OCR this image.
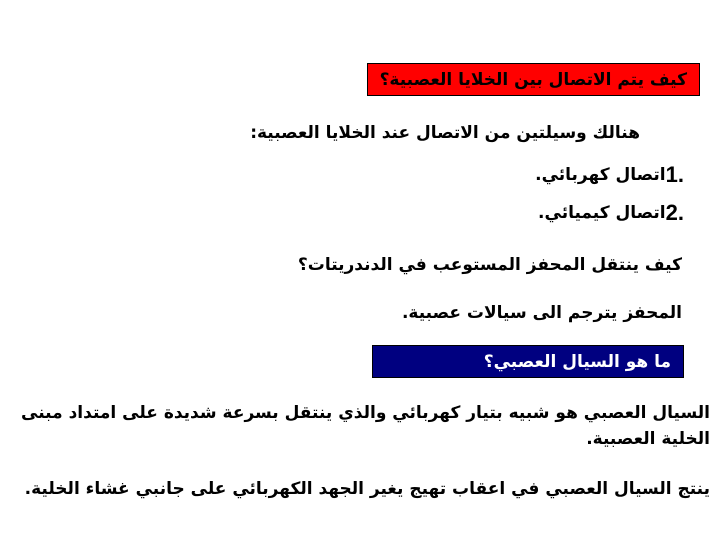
كيف يتم الاتصال بين الخلايا العصبية؟
هنالك وسيلتين من الاتصال عند الخلايا العصبية:
1.
اتصال كهربائي.
2.
اتصال كيميائي.
كيف ينتقل المحفز المستوعب في الدندريتات؟
المحفز يترجم الى سيالات عصبية.
ما هو السيال العصبي؟
السيال العصبي هو شبيه بتيار كهربائي والذي ينتقل بسرعة شديدة على امتداد مبنى الخلية العصبية.
ينتج السيال العصبي في اعقاب تهيج يغير الجهد الكهربائي على جانبي غشاء الخلية.
